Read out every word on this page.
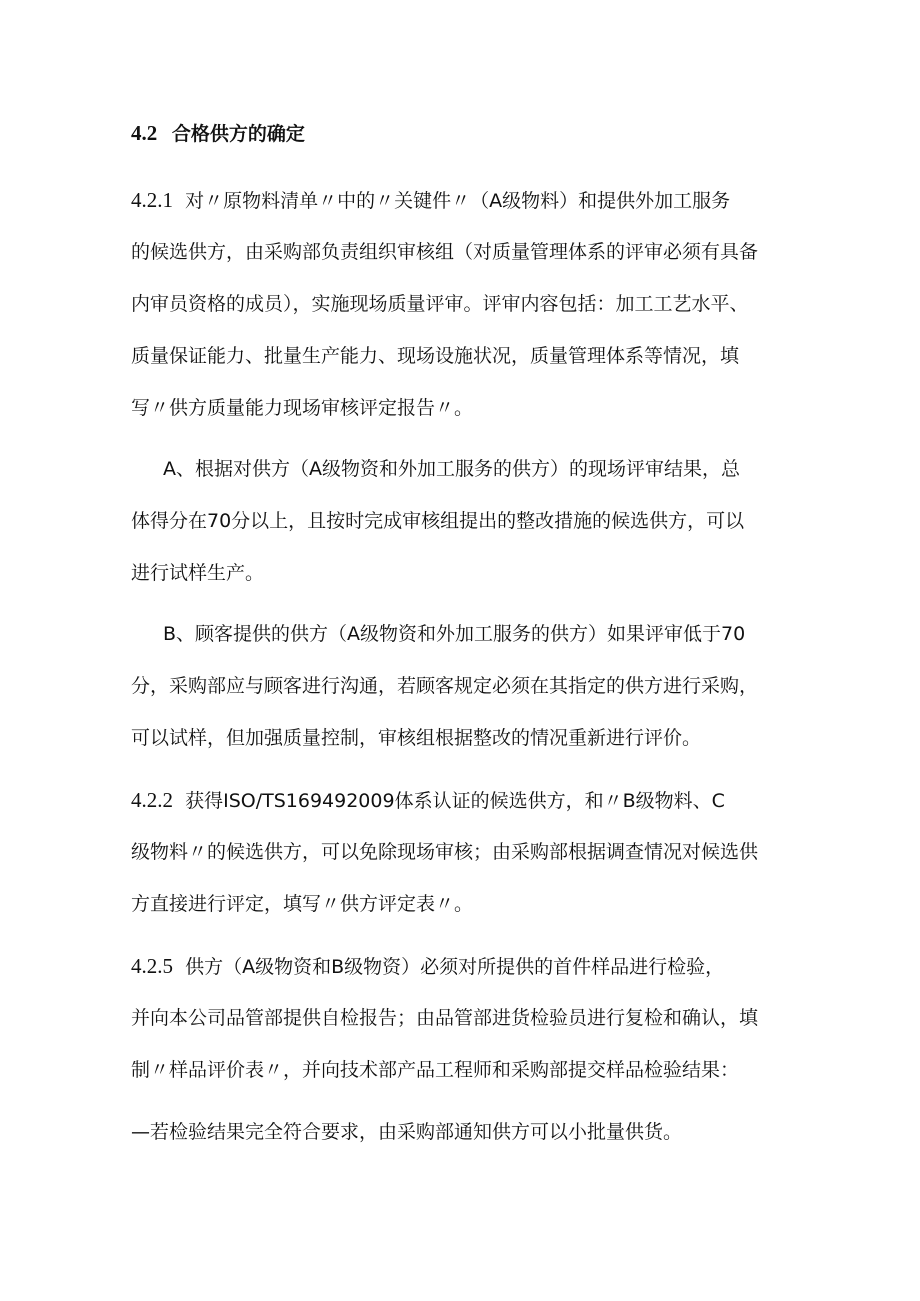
4.2 合格供方的确定
4.2.1 对〃原物料清单〃中的〃关键件〃（A级物料）和提供外加工服务
的候选供方，由采购部负责组织审核组（对质量管理体系的评审必须有具备
内审员资格的成员），实施现场质量评审。评审内容包括：加工工艺水平、
质量保证能力、批量生产能力、现场设施状况，质量管理体系等情况，填
写〃供方质量能力现场审核评定报告〃。
A、根据对供方（A级物资和外加工服务的供方）的现场评审结果，总
体得分在70分以上，且按时完成审核组提出的整改措施的候选供方，可以
进行试样生产。
B、顾客提供的供方（A级物资和外加工服务的供方）如果评审低于70
分，采购部应与顾客进行沟通，若顾客规定必须在其指定的供方进行采购，
可以试样，但加强质量控制，审核组根据整改的情况重新进行评价。
4.2.2 获得ISO/TS169492009体系认证的候选供方，和〃B级物料、C
级物料〃的候选供方，可以免除现场审核；由采购部根据调查情况对候选供
方直接进行评定，填写〃供方评定表〃。
4.2.5 供方（A级物资和B级物资）必须对所提供的首件样品进行检验，
并向本公司品管部提供自检报告；由品管部进货检验员进行复检和确认，填
制〃样品评价表〃，并向技术部产品工程师和采购部提交样品检验结果：
—若检验结果完全符合要求，由采购部通知供方可以小批量供货。
